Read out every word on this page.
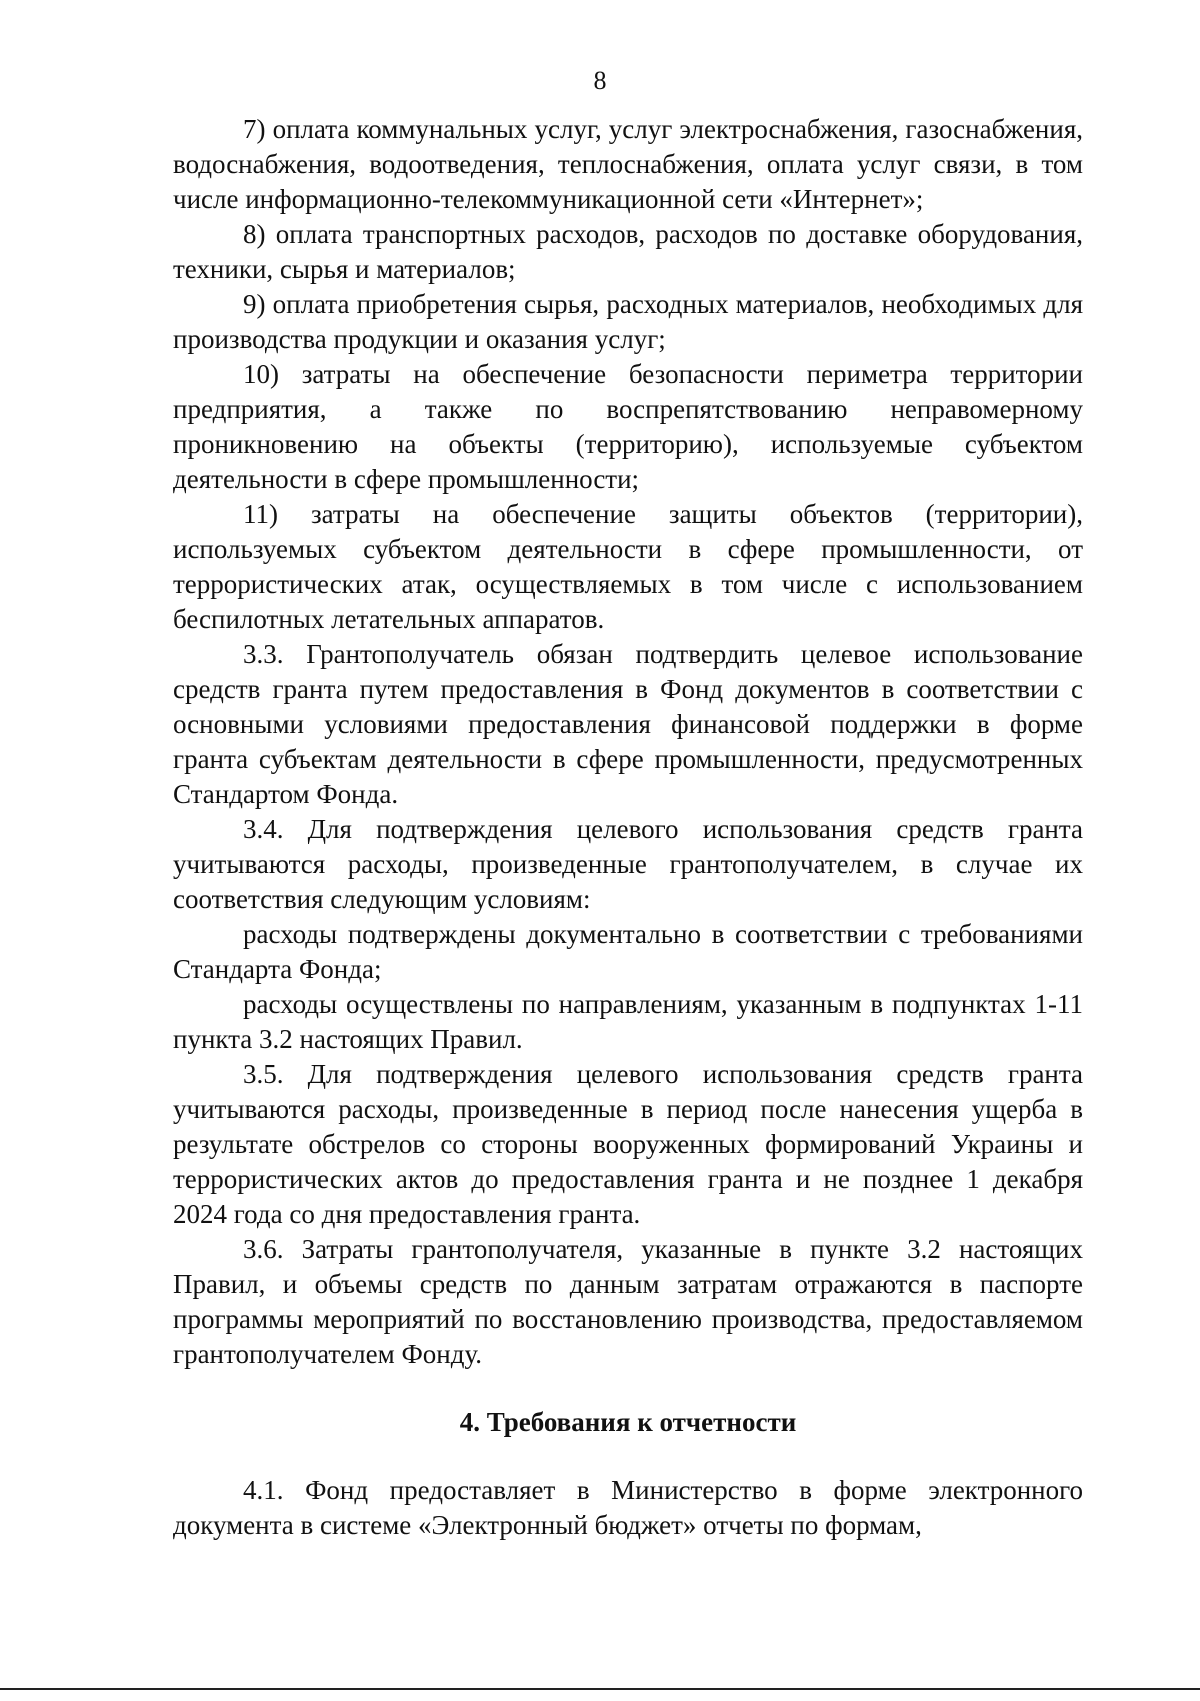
8

7) оплата коммунальных услуг, услуг электроснабжения, газоснабжения, водоснабжения, водоотведения, теплоснабжения, оплата услуг связи, в том числе информационно-телекоммуникационной сети «Интернет»;

8) оплата транспортных расходов, расходов по доставке оборудования, техники, сырья и материалов;

9) оплата приобретения сырья, расходных материалов, необходимых для производства продукции и оказания услуг;

10) затраты на обеспечение безопасности периметра территории предприятия, а также по воспрепятствованию неправомерному проникновению на объекты (территорию), используемые субъектом деятельности в сфере промышленности;

11) затраты на обеспечение защиты объектов (территории), используемых субъектом деятельности в сфере промышленности, от террористических атак, осуществляемых в том числе с использованием беспилотных летательных аппаратов.

3.3. Грантополучатель обязан подтвердить целевое использование средств гранта путем предоставления в Фонд документов в соответствии с основными условиями предоставления финансовой поддержки в форме гранта субъектам деятельности в сфере промышленности, предусмотренных Стандартом Фонда.

3.4. Для подтверждения целевого использования средств гранта учитываются расходы, произведенные грантополучателем, в случае их соответствия следующим условиям:

расходы подтверждены документально в соответствии с требованиями Стандарта Фонда;

расходы осуществлены по направлениям, указанным в подпунктах 1-11 пункта 3.2 настоящих Правил.

3.5. Для подтверждения целевого использования средств гранта учитываются расходы, произведенные в период после нанесения ущерба в результате обстрелов со стороны вооруженных формирований Украины и террористических актов до предоставления гранта и не позднее 1 декабря 2024 года со дня предоставления гранта.

3.6. Затраты грантополучателя, указанные в пункте 3.2 настоящих Правил, и объемы средств по данным затратам отражаются в паспорте программы мероприятий по восстановлению производства, предоставляемом грантополучателем Фонду.

4. Требования к отчетности

4.1. Фонд предоставляет в Министерство в форме электронного документа в системе «Электронный бюджет» отчеты по формам,
